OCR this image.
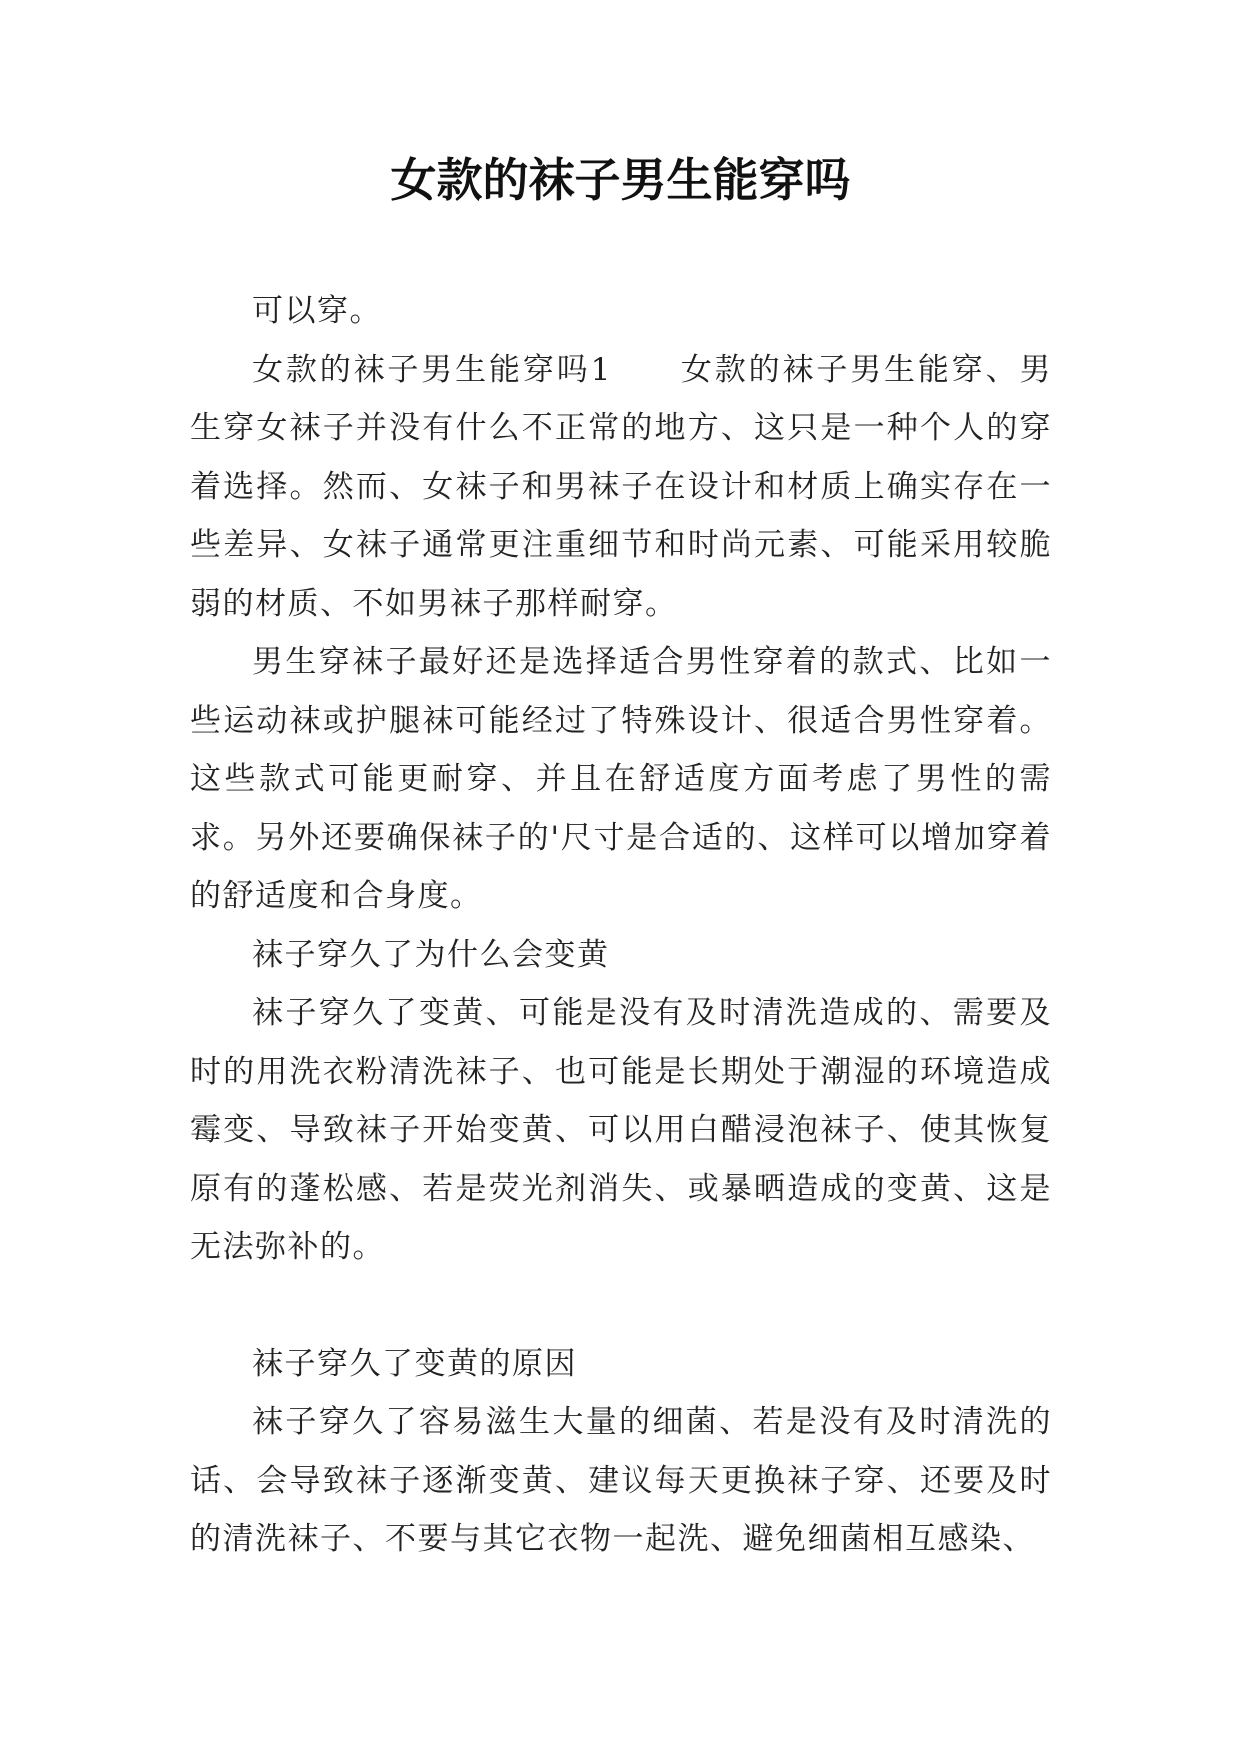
女款的袜子男生能穿吗

可以穿。

女款的袜子男生能穿吗1　　女款的袜子男生能穿、男生穿女袜子并没有什么不正常的地方、这只是一种个人的穿着选择。然而、女袜子和男袜子在设计和材质上确实存在一些差异、女袜子通常更注重细节和时尚元素、可能采用较脆弱的材质、不如男袜子那样耐穿。

男生穿袜子最好还是选择适合男性穿着的款式、比如一些运动袜或护腿袜可能经过了特殊设计、很适合男性穿着。这些款式可能更耐穿、并且在舒适度方面考虑了男性的需求。另外还要确保袜子的'尺寸是合适的、这样可以增加穿着的舒适度和合身度。

袜子穿久了为什么会变黄

袜子穿久了变黄、可能是没有及时清洗造成的、需要及时的用洗衣粉清洗袜子、也可能是长期处于潮湿的环境造成霉变、导致袜子开始变黄、可以用白醋浸泡袜子、使其恢复原有的蓬松感、若是荧光剂消失、或暴晒造成的变黄、这是无法弥补的。

袜子穿久了变黄的原因

袜子穿久了容易滋生大量的细菌、若是没有及时清洗的话、会导致袜子逐渐变黄、建议每天更换袜子穿、还要及时的清洗袜子、不要与其它衣物一起洗、避免细菌相互感染、
